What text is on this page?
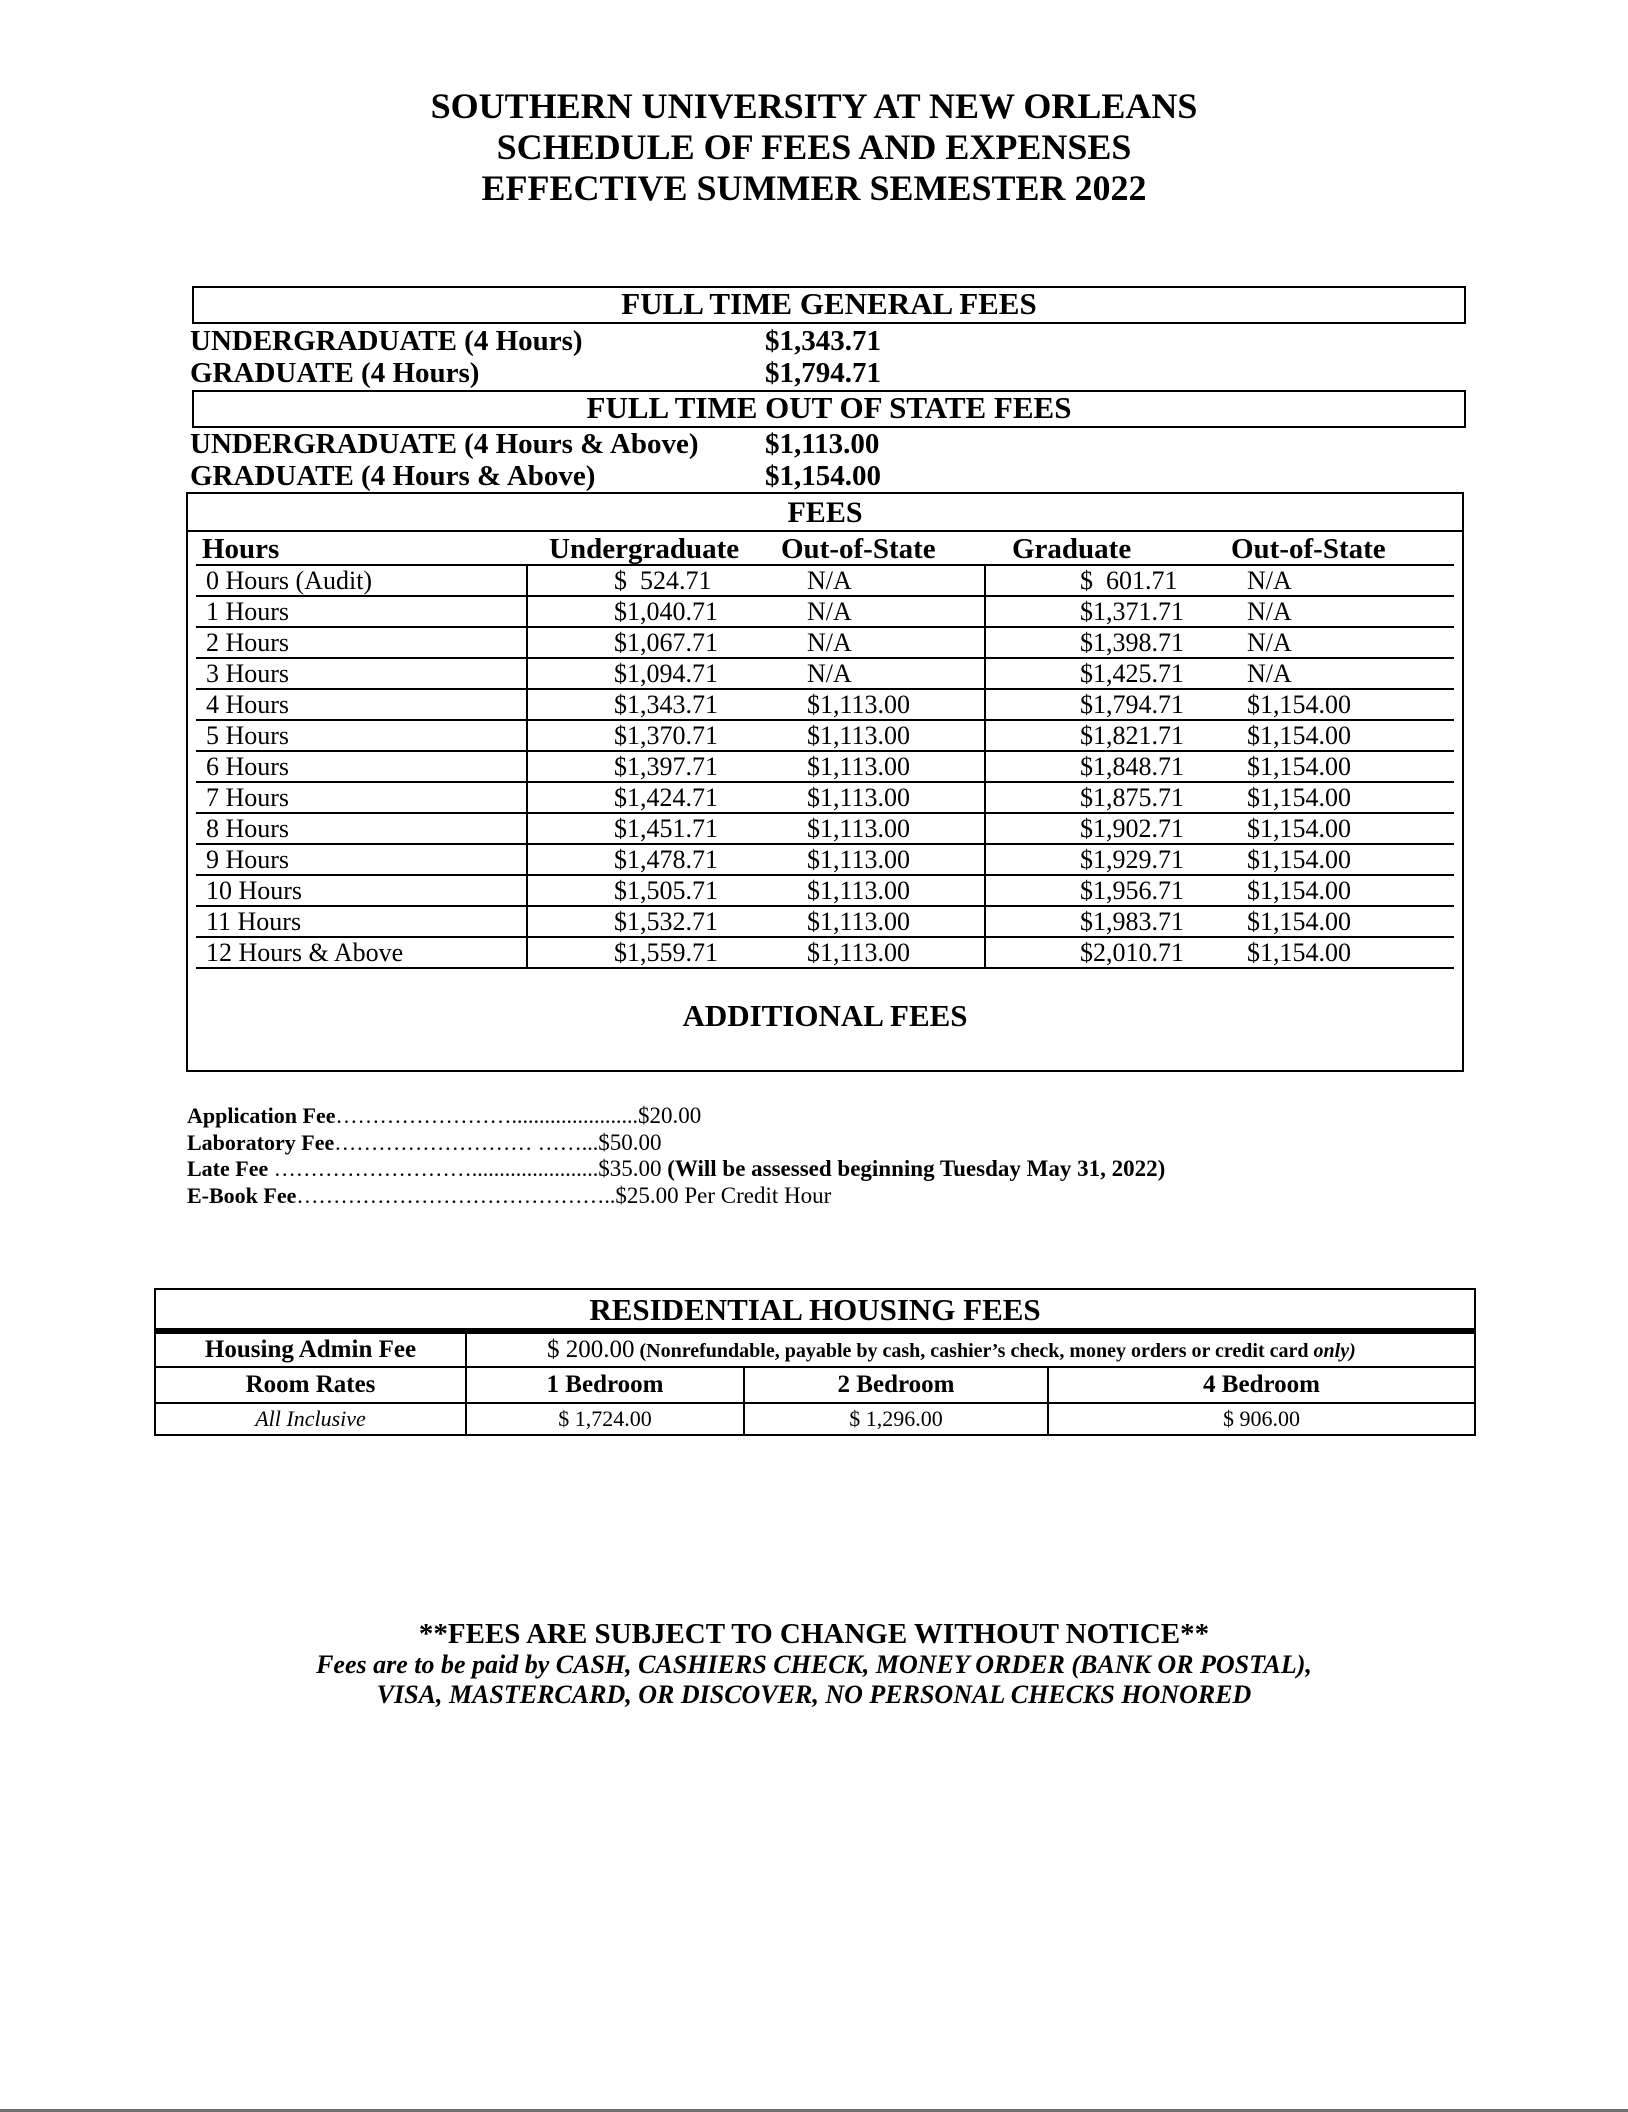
SOUTHERN UNIVERSITY AT NEW ORLEANS
SCHEDULE OF FEES AND EXPENSES
EFFECTIVE SUMMER SEMESTER 2022
FULL TIME GENERAL FEES
UNDERGRADUATE (4 Hours)	$1,343.71
GRADUATE (4 Hours)	$1,794.71
FULL TIME OUT OF STATE FEES
UNDERGRADUATE (4 Hours & Above) $1,113.00
GRADUATE (4 Hours & Above)	$1,154.00
FEES
Hours	Undergraduate	Out-of-State	Graduate	Out-of-State
0 Hours (Audit)	$  524.71	N/A	$  601.71	N/A
1 Hours	$1,040.71	N/A	$1,371.71	N/A
2 Hours	$1,067.71	N/A	$1,398.71	N/A
3 Hours	$1,094.71	N/A	$1,425.71	N/A
4 Hours	$1,343.71	$1,113.00	$1,794.71	$1,154.00
5 Hours	$1,370.71	$1,113.00	$1,821.71	$1,154.00
6 Hours	$1,397.71	$1,113.00	$1,848.71	$1,154.00
7 Hours	$1,424.71	$1,113.00	$1,875.71	$1,154.00
8 Hours	$1,451.71	$1,113.00	$1,902.71	$1,154.00
9 Hours	$1,478.71	$1,113.00	$1,929.71	$1,154.00
10 Hours	$1,505.71	$1,113.00	$1,956.71	$1,154.00
11 Hours	$1,532.71	$1,113.00	$1,983.71	$1,154.00
12 Hours & Above	$1,559.71	$1,113.00	$2,010.71	$1,154.00
ADDITIONAL FEES
Application Fee…………………….......................$20.00
Laboratory Fee……………………… ……...$50.00
Late Fee ……………………….......................$35.00 (Will be assessed beginning Tuesday May 31, 2022)
E-Book Fee……………………………………..$25.00 Per Credit Hour
RESIDENTIAL HOUSING FEES
Housing Admin Fee	$ 200.00 (Nonrefundable, payable by cash, cashier’s check, money orders or credit card only)		
Room Rates	1 Bedroom	2 Bedroom	4 Bedroom
All Inclusive	$ 1,724.00	$ 1,296.00	$ 906.00
**FEES ARE SUBJECT TO CHANGE WITHOUT NOTICE**
Fees are to be paid by CASH, CASHIERS CHECK, MONEY ORDER (BANK OR POSTAL),
VISA, MASTERCARD, OR DISCOVER, NO PERSONAL CHECKS HONORED
